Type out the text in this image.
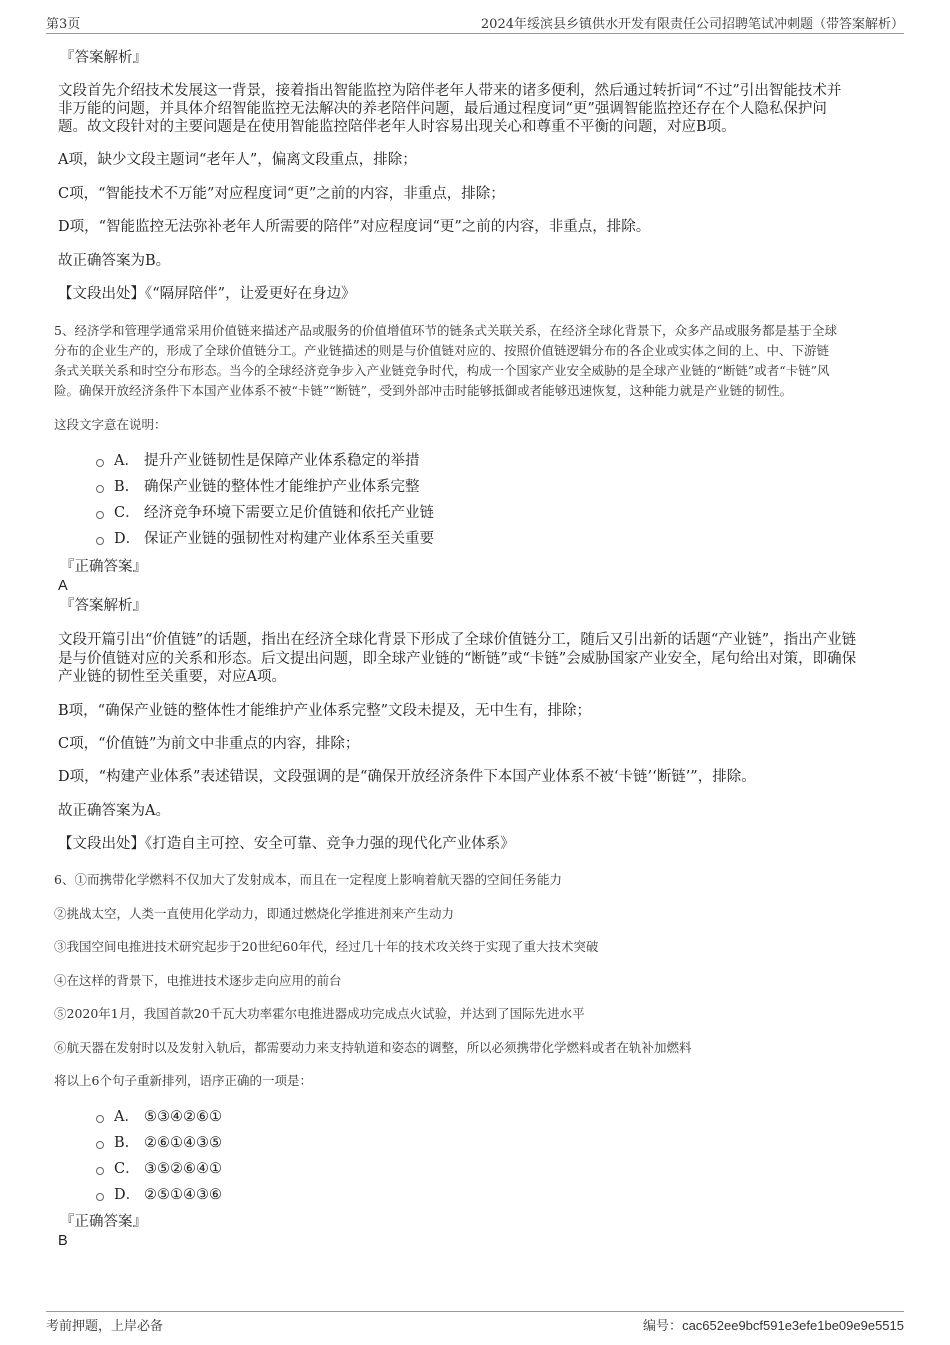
第3页	2024年绥滨县乡镇供水开发有限责任公司招聘笔试冲刺题（带答案解析）

『答案解析』

文段首先介绍技术发展这一背景，接着指出智能监控为陪伴老年人带来的诸多便利，然后通过转折词“不过”引出智能技术并

非万能的问题，并具体介绍智能监控无法解决的养老陪伴问题，最后通过程度词“更”强调智能监控还存在个人隐私保护问

题。故文段针对的主要问题是在使用智能监控陪伴老年人时容易出现关心和尊重不平衡的问题，对应B项。

A项，缺少文段主题词“老年人”，偏离文段重点，排除；

C项，“智能技术不万能”对应程度词“更”之前的内容，非重点，排除；

D项，“智能监控无法弥补老年人所需要的陪伴”对应程度词“更”之前的内容，非重点，排除。

故正确答案为B。

【文段出处】《“隔屏陪伴”，让爱更好在身边》

5、经济学和管理学通常采用价值链来描述产品或服务的价值增值环节的链条式关联关系，在经济全球化背景下，众多产品或服务都是基于全球

分布的企业生产的，形成了全球价值链分工。产业链描述的则是与价值链对应的、按照价值链逻辑分布的各企业或实体之间的上、中、下游链

条式关联关系和时空分布形态。当今的全球经济竞争步入产业链竞争时代，构成一个国家产业安全威胁的是全球产业链的“断链”或者“卡链”风

险。确保开放经济条件下本国产业体系不被“卡链”“断链”，受到外部冲击时能够抵御或者能够迅速恢复，这种能力就是产业链的韧性。

这段文字意在说明：

A． 提升产业链韧性是保障产业体系稳定的举措
B.	确保产业链的整体性才能维护产业体系完整
C． 经济竞争环境下需要立足价值链和依托产业链
D． 保证产业链的强韧性对构建产业体系至关重要

『正确答案』

A

『答案解析』

文段开篇引出“价值链”的话题，指出在经济全球化背景下形成了全球价值链分工，随后又引出新的话题“产业链”，指出产业链

是与价值链对应的关系和形态。后文提出问题，即全球产业链的“断链”或“卡链”会威胁国家产业安全，尾句给出对策，即确保

产业链的韧性至关重要，对应A项。

B项，“确保产业链的整体性才能维护产业体系完整”文段未提及，无中生有，排除；

C项，“价值链”为前文中非重点的内容，排除；

D项，“构建产业体系”表述错误，文段强调的是“确保开放经济条件下本国产业体系不被‘卡链’‘断链’”，排除。

故正确答案为A。

【文段出处】《打造自主可控、安全可靠、竞争力强的现代化产业体系》

6、①而携带化学燃料不仅加大了发射成本，而且在一定程度上影响着航天器的空间任务能力

②挑战太空，人类一直使用化学动力，即通过燃烧化学推进剂来产生动力

③我国空间电推进技术研究起步于20世纪60年代，经过几十年的技术攻关终于实现了重大技术突破

④在这样的背景下，电推进技术逐步走向应用的前台

⑤2020年1月，我国首款20千瓦大功率霍尔电推进器成功完成点火试验，并达到了国际先进水平

⑥航天器在发射时以及发射入轨后，都需要动力来支持轨道和姿态的调整，所以必须携带化学燃料或者在轨补加燃料

将以上6个句子重新排列，语序正确的一项是：

A． ⑤③④②⑥①
B.	②⑥①④③⑤
C． ③⑤②⑥④①
D． ②⑤①④③⑥

『正确答案』

B

考前押题，上岸必备	编号：cac652ee9bcf591e3efe1be09e9e5515
